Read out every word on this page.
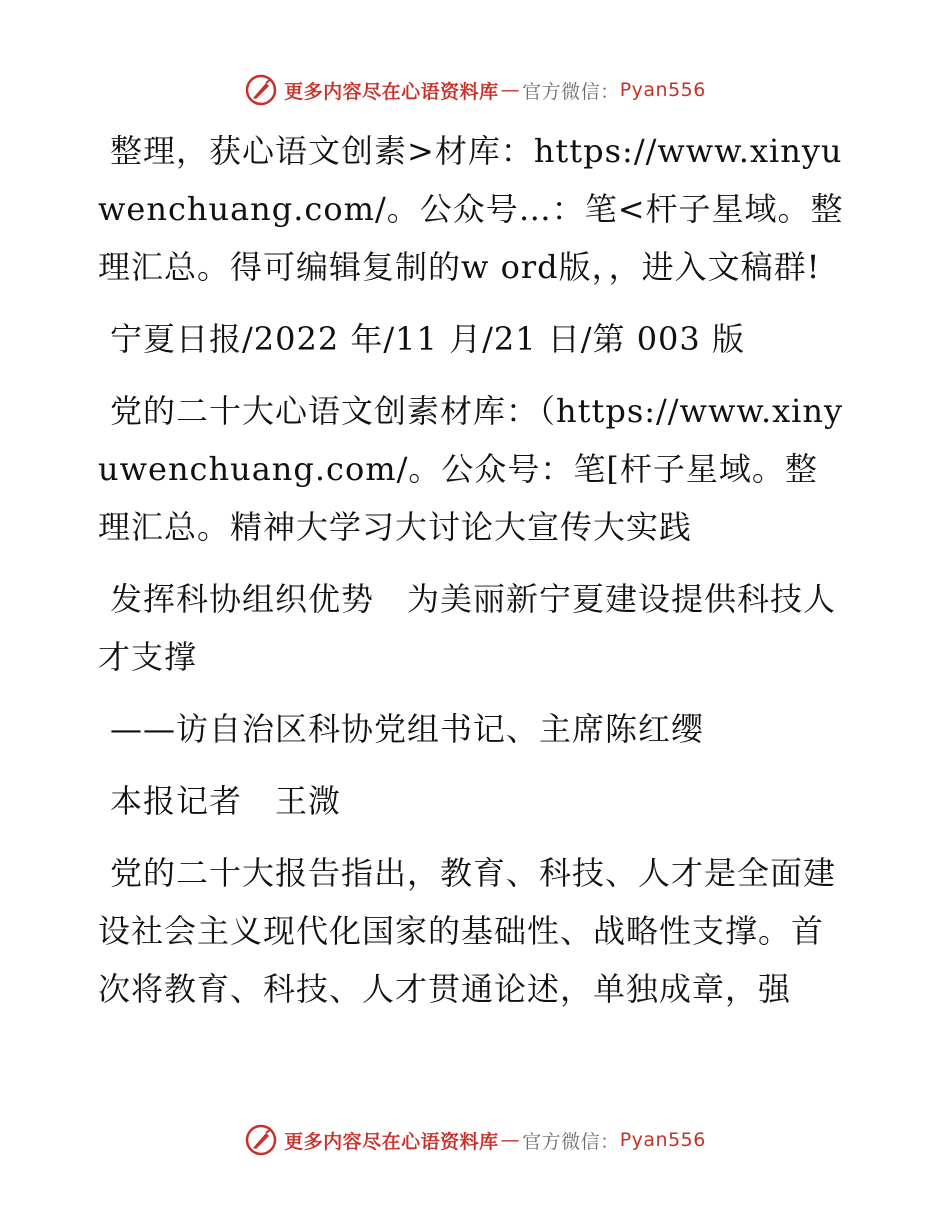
更多内容尽在心语资料库 — 官方微信： Pyan556

整理，获心语文创素>材库：https://www.xinyuwenchuang.com/。公众号…：笔<杆子星域。整理汇总。得可编辑复制的w ord版，，进入文稿群!

宁夏日报/2022 年/11 月/21 日/第 003 版

党的二十大心语文创素材库：（https://www.xinyuwenchuang.com/。公众号：笔[杆子星域。整理汇总。精神大学习大讨论大宣传大实践

发挥科协组织优势　为美丽新宁夏建设提供科技人才支撑

——访自治区科协党组书记、主席陈红缨

本报记者　王溦

党的二十大报告指出，教育、科技、人才是全面建设社会主义现代化国家的基础性、战略性支撑。首次将教育、科技、人才贯通论述，单独成章，强

更多内容尽在心语资料库 — 官方微信： Pyan556
